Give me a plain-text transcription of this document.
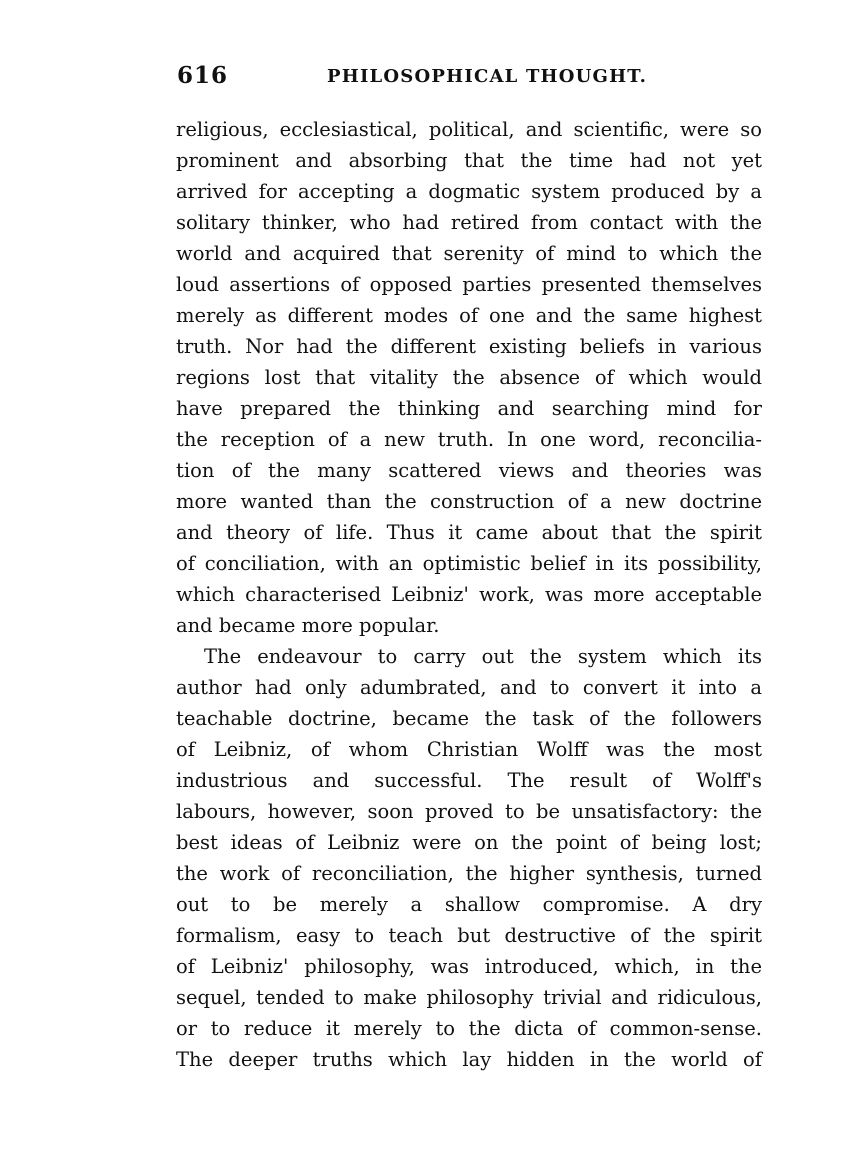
616	PHILOSOPHICAL THOUGHT.
religious, ecclesiastical, political, and scientific, were so
prominent and absorbing that the time had not yet
arrived for accepting a dogmatic system produced by a
solitary thinker, who had retired from contact with the
world and acquired that serenity of mind to which the
loud assertions of opposed parties presented themselves
merely as different modes of one and the same highest
truth. Nor had the different existing beliefs in various
regions lost that vitality the absence of which would
have prepared the thinking and searching mind for
the reception of a new truth. In one word, reconcilia-
tion of the many scattered views and theories was
more wanted than the construction of a new doctrine
and theory of life. Thus it came about that the spirit
of conciliation, with an optimistic belief in its possibility,
which characterised Leibniz' work, was more acceptable
and became more popular.
The endeavour to carry out the system which its
author had only adumbrated, and to convert it into a
teachable doctrine, became the task of the followers
of Leibniz, of whom Christian Wolff was the most
industrious and successful. The result of Wolff's
labours, however, soon proved to be unsatisfactory: the
best ideas of Leibniz were on the point of being lost;
the work of reconciliation, the higher synthesis, turned
out to be merely a shallow compromise. A dry
formalism, easy to teach but destructive of the spirit
of Leibniz' philosophy, was introduced, which, in the
sequel, tended to make philosophy trivial and ridiculous,
or to reduce it merely to the dicta of common-sense.
The deeper truths which lay hidden in the world of
